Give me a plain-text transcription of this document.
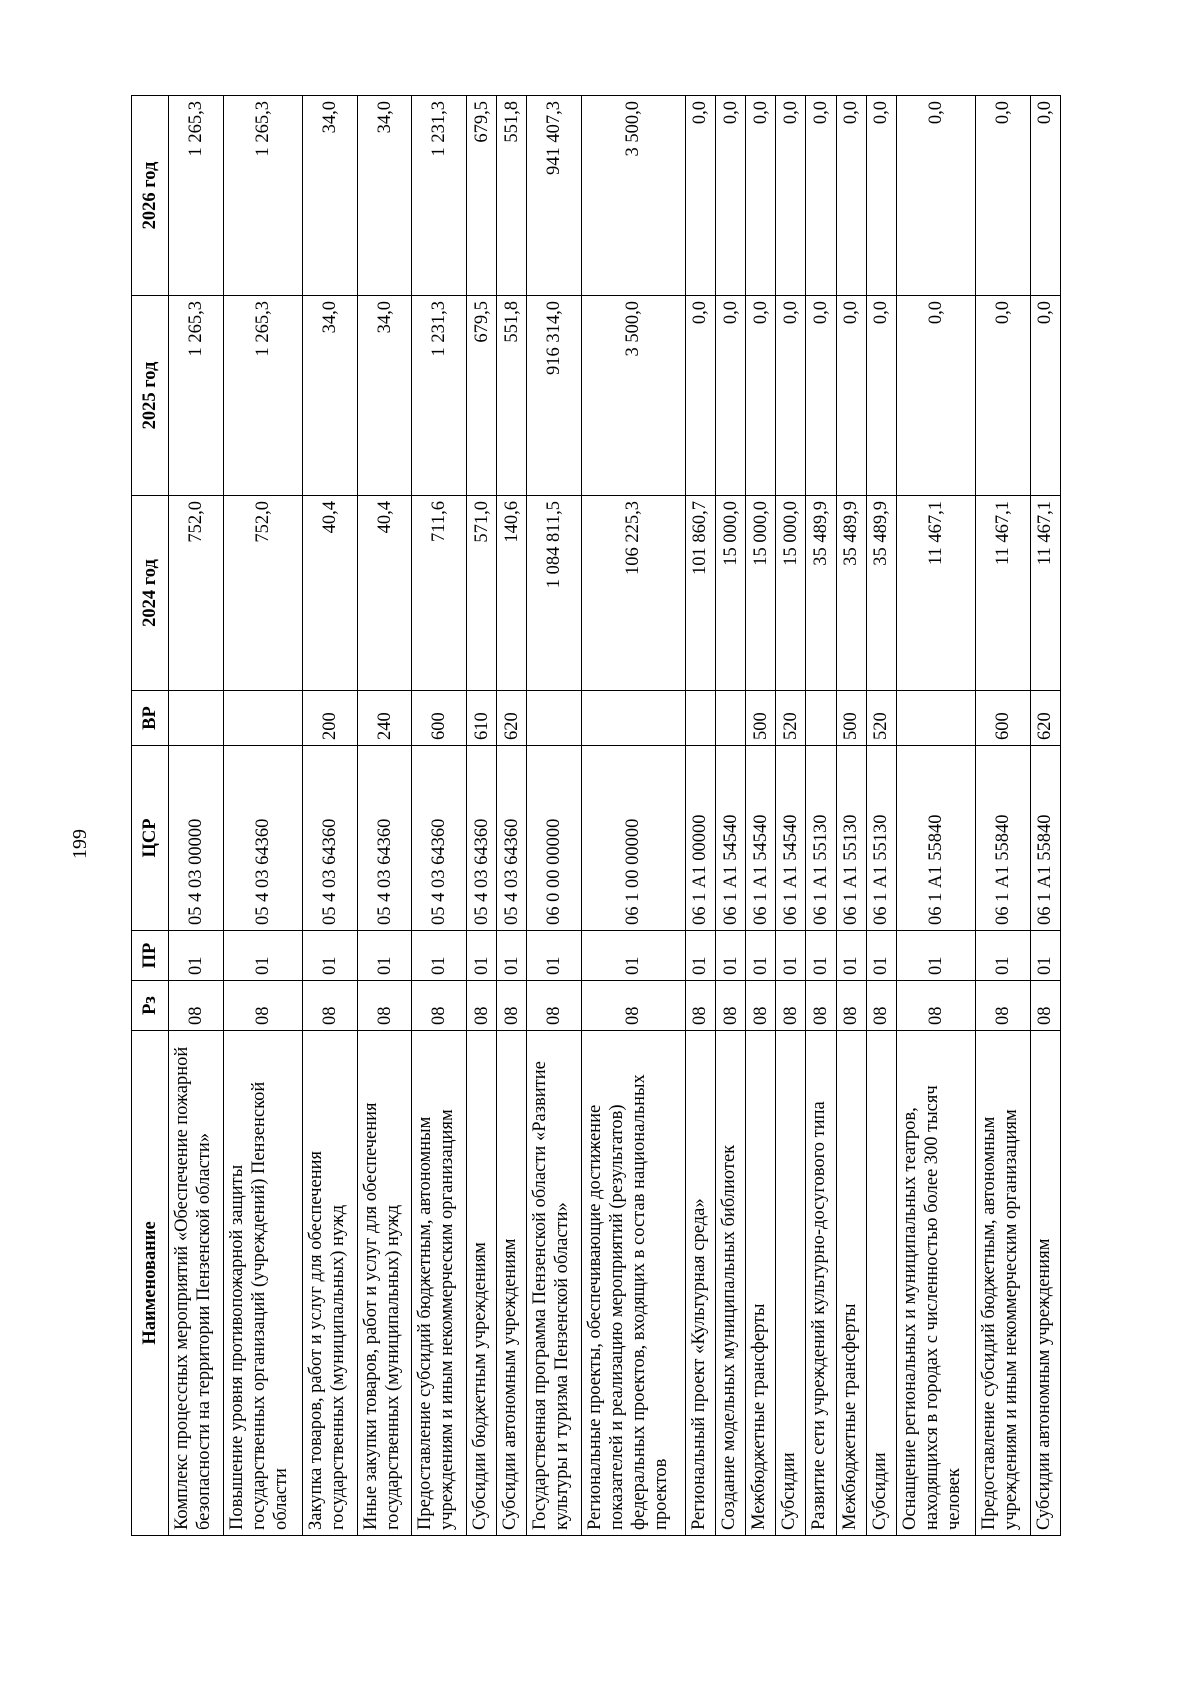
199
Наименование	Рз	ПР	ЦСР	ВР	2024 год	2025 год	2026 год
Комплекс процессных мероприятий «Обеспечение пожарной безопасности на территории Пензенской области»	08	01	05 4 03 00000		752,0	1 265,3	1 265,3
Повышение уровня противопожарной защиты государственных организаций (учреждений) Пензенской области	08	01	05 4 03 64360		752,0	1 265,3	1 265,3
Закупка товаров, работ и услуг для обеспечения государственных (муниципальных) нужд	08	01	05 4 03 64360	200	40,4	34,0	34,0
Иные закупки товаров, работ и услуг для обеспечения государственных (муниципальных) нужд	08	01	05 4 03 64360	240	40,4	34,0	34,0
Предоставление субсидий бюджетным, автономным учреждениям и иным некоммерческим организациям	08	01	05 4 03 64360	600	711,6	1 231,3	1 231,3
Субсидии бюджетным учреждениям	08	01	05 4 03 64360	610	571,0	679,5	679,5
Субсидии автономным учреждениям	08	01	05 4 03 64360	620	140,6	551,8	551,8
Государственная программа Пензенской области «Развитие культуры и туризма Пензенской области»	08	01	06 0 00 00000		1 084 811,5	916 314,0	941 407,3
Региональные проекты, обеспечивающие достижение показателей и реализацию мероприятий (результатов) федеральных проектов, входящих в состав национальных проектов	08	01	06 1 00 00000		106 225,3	3 500,0	3 500,0
Региональный проект «Культурная среда»	08	01	06 1 А1 00000		101 860,7	0,0	0,0
Создание модельных муниципальных библиотек	08	01	06 1 А1 54540		15 000,0	0,0	0,0
Межбюджетные трансферты	08	01	06 1 А1 54540	500	15 000,0	0,0	0,0
Субсидии	08	01	06 1 А1 54540	520	15 000,0	0,0	0,0
Развитие сети учреждений культурно-досугового типа	08	01	06 1 А1 55130		35 489,9	0,0	0,0
Межбюджетные трансферты	08	01	06 1 А1 55130	500	35 489,9	0,0	0,0
Субсидии	08	01	06 1 А1 55130	520	35 489,9	0,0	0,0
Оснащение региональных и муниципальных театров, находящихся в городах с численностью более 300 тысяч человек	08	01	06 1 А1 55840		11 467,1	0,0	0,0
Предоставление субсидий бюджетным, автономным учреждениям и иным некоммерческим организациям	08	01	06 1 А1 55840	600	11 467,1	0,0	0,0
Субсидии автономным учреждениям	08	01	06 1 А1 55840	620	11 467,1	0,0	0,0
